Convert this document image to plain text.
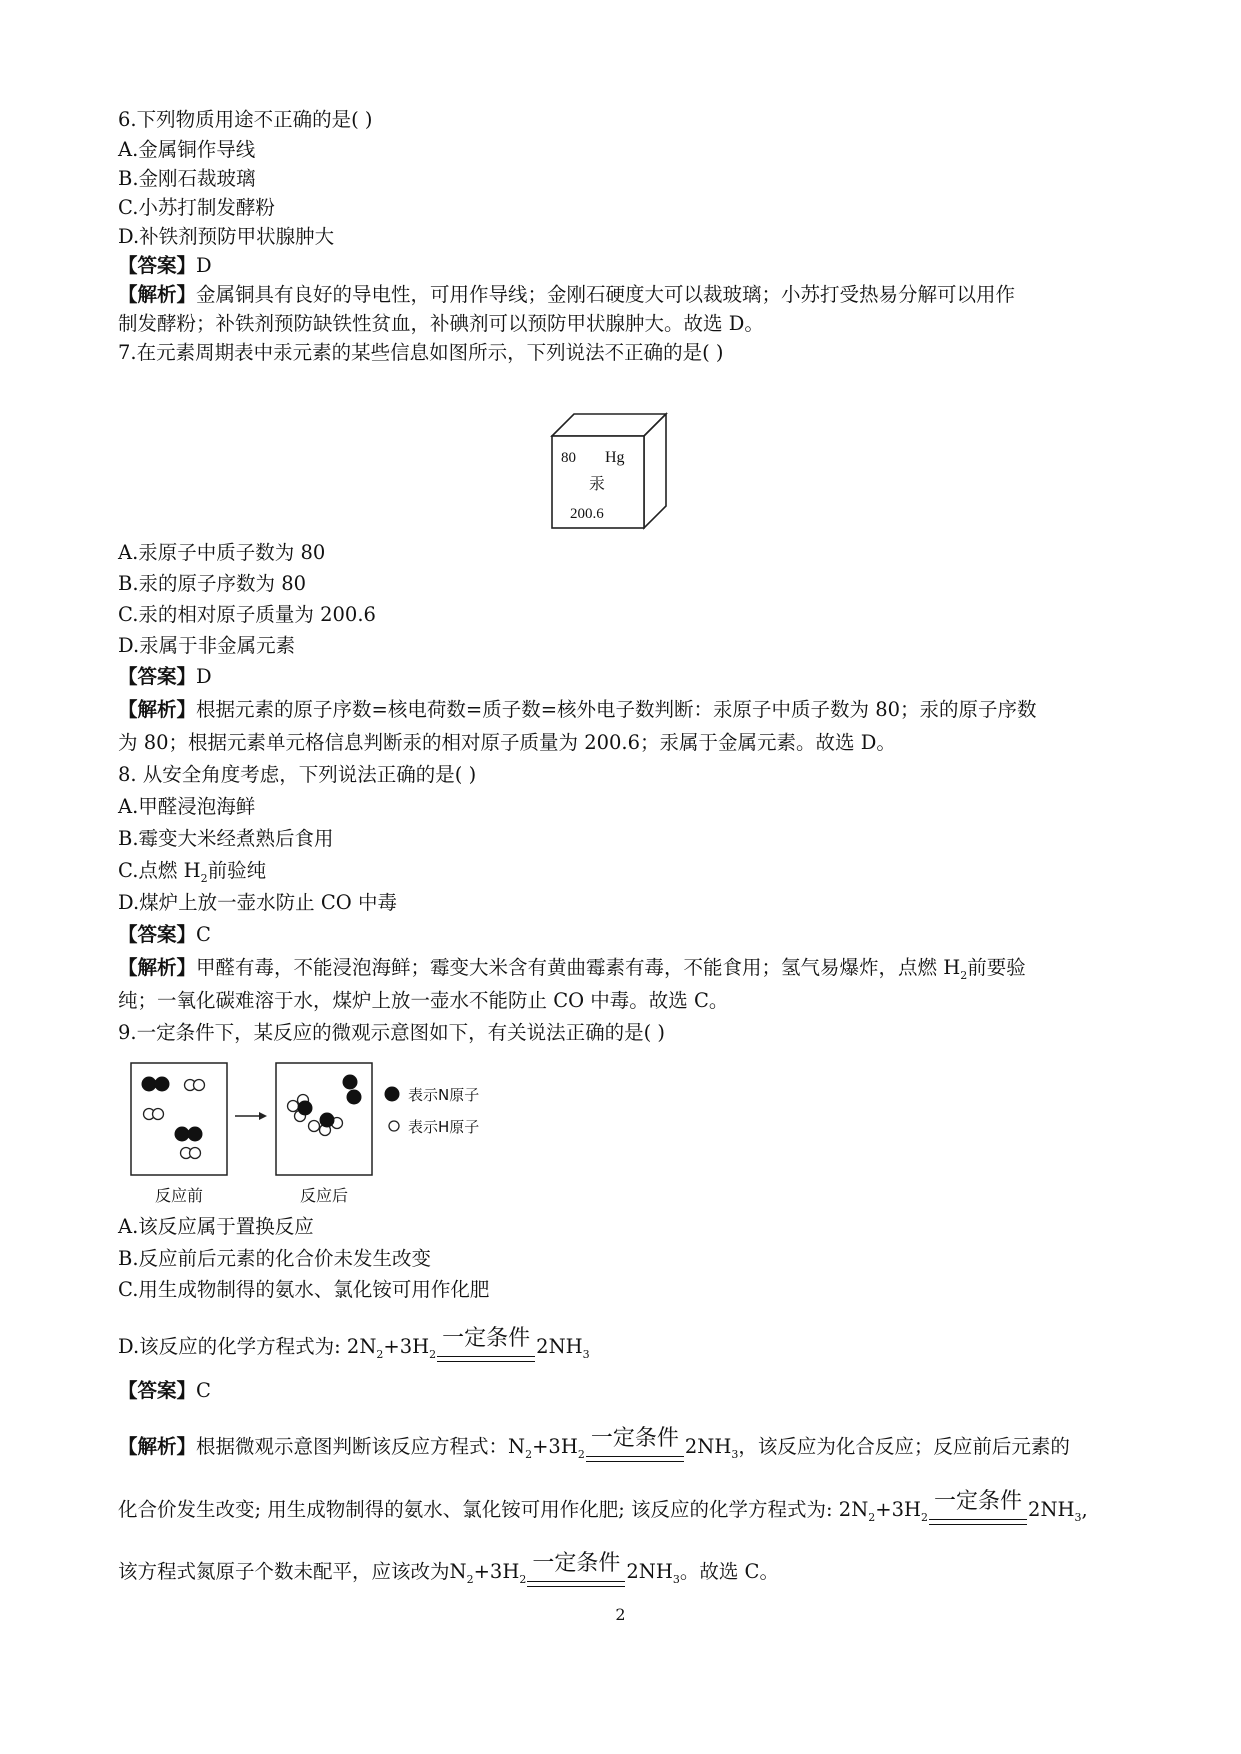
6.下列物质用途不正确的是( )
A.金属铜作导线
B.金刚石裁玻璃
C.小苏打制发酵粉
D.补铁剂预防甲状腺肿大
【答案】D
【解析】金属铜具有良好的导电性，可用作导线；金刚石硬度大可以裁玻璃；小苏打受热易分解可以用作
制发酵粉；补铁剂预防缺铁性贫血，补碘剂可以预防甲状腺肿大。故选 D。
7.在元素周期表中汞元素的某些信息如图所示，下列说法不正确的是( )
80 Hg
汞
200.6
A.汞原子中质子数为 80
B.汞的原子序数为 80
C.汞的相对原子质量为 200.6
D.汞属于非金属元素
【答案】D
【解析】根据元素的原子序数=核电荷数=质子数=核外电子数判断：汞原子中质子数为 80；汞的原子序数
为 80；根据元素单元格信息判断汞的相对原子质量为 200.6；汞属于金属元素。故选 D。
8. 从安全角度考虑，下列说法正确的是( )
A.甲醛浸泡海鲜
B.霉变大米经煮熟后食用
C.点燃 $H_2$前验纯
D.煤炉上放一壶水防止 CO 中毒
【答案】C
【解析】甲醛有毒，不能浸泡海鲜；霉变大米含有黄曲霉素有毒，不能食用；氢气易爆炸，点燃 $H_2$前要验
纯；一氧化碳难溶于水，煤炉上放一壶水不能防止 CO 中毒。故选 C。
9.一定条件下，某反应的微观示意图如下，有关说法正确的是( )
表示N原子
表示H原子
反应前	反应后
A.该反应属于置换反应
B.反应前后元素的化合价未发生改变
C.用生成物制得的氨水、氯化铵可用作化肥
D.该反应的化学方程式为: $2N_2+3H_2$
一定条件 $2NH_3$
【答案】C
【解析】根据微观示意图判断该反应方程式：$N_2+3H_2$
一定条件 $2NH_3$，该反应为化合反应；反应前后元素的
化合价发生改变; 用生成物制得的氨水、氯化铵可用作化肥; 该反应的化学方程式为: $2N_2+3H_2$
一定条件 $2NH_3$,
该方程式氮原子个数未配平，应该改为$N_2+3H_2$
一定条件 $2NH_3$。故选 C。
2
